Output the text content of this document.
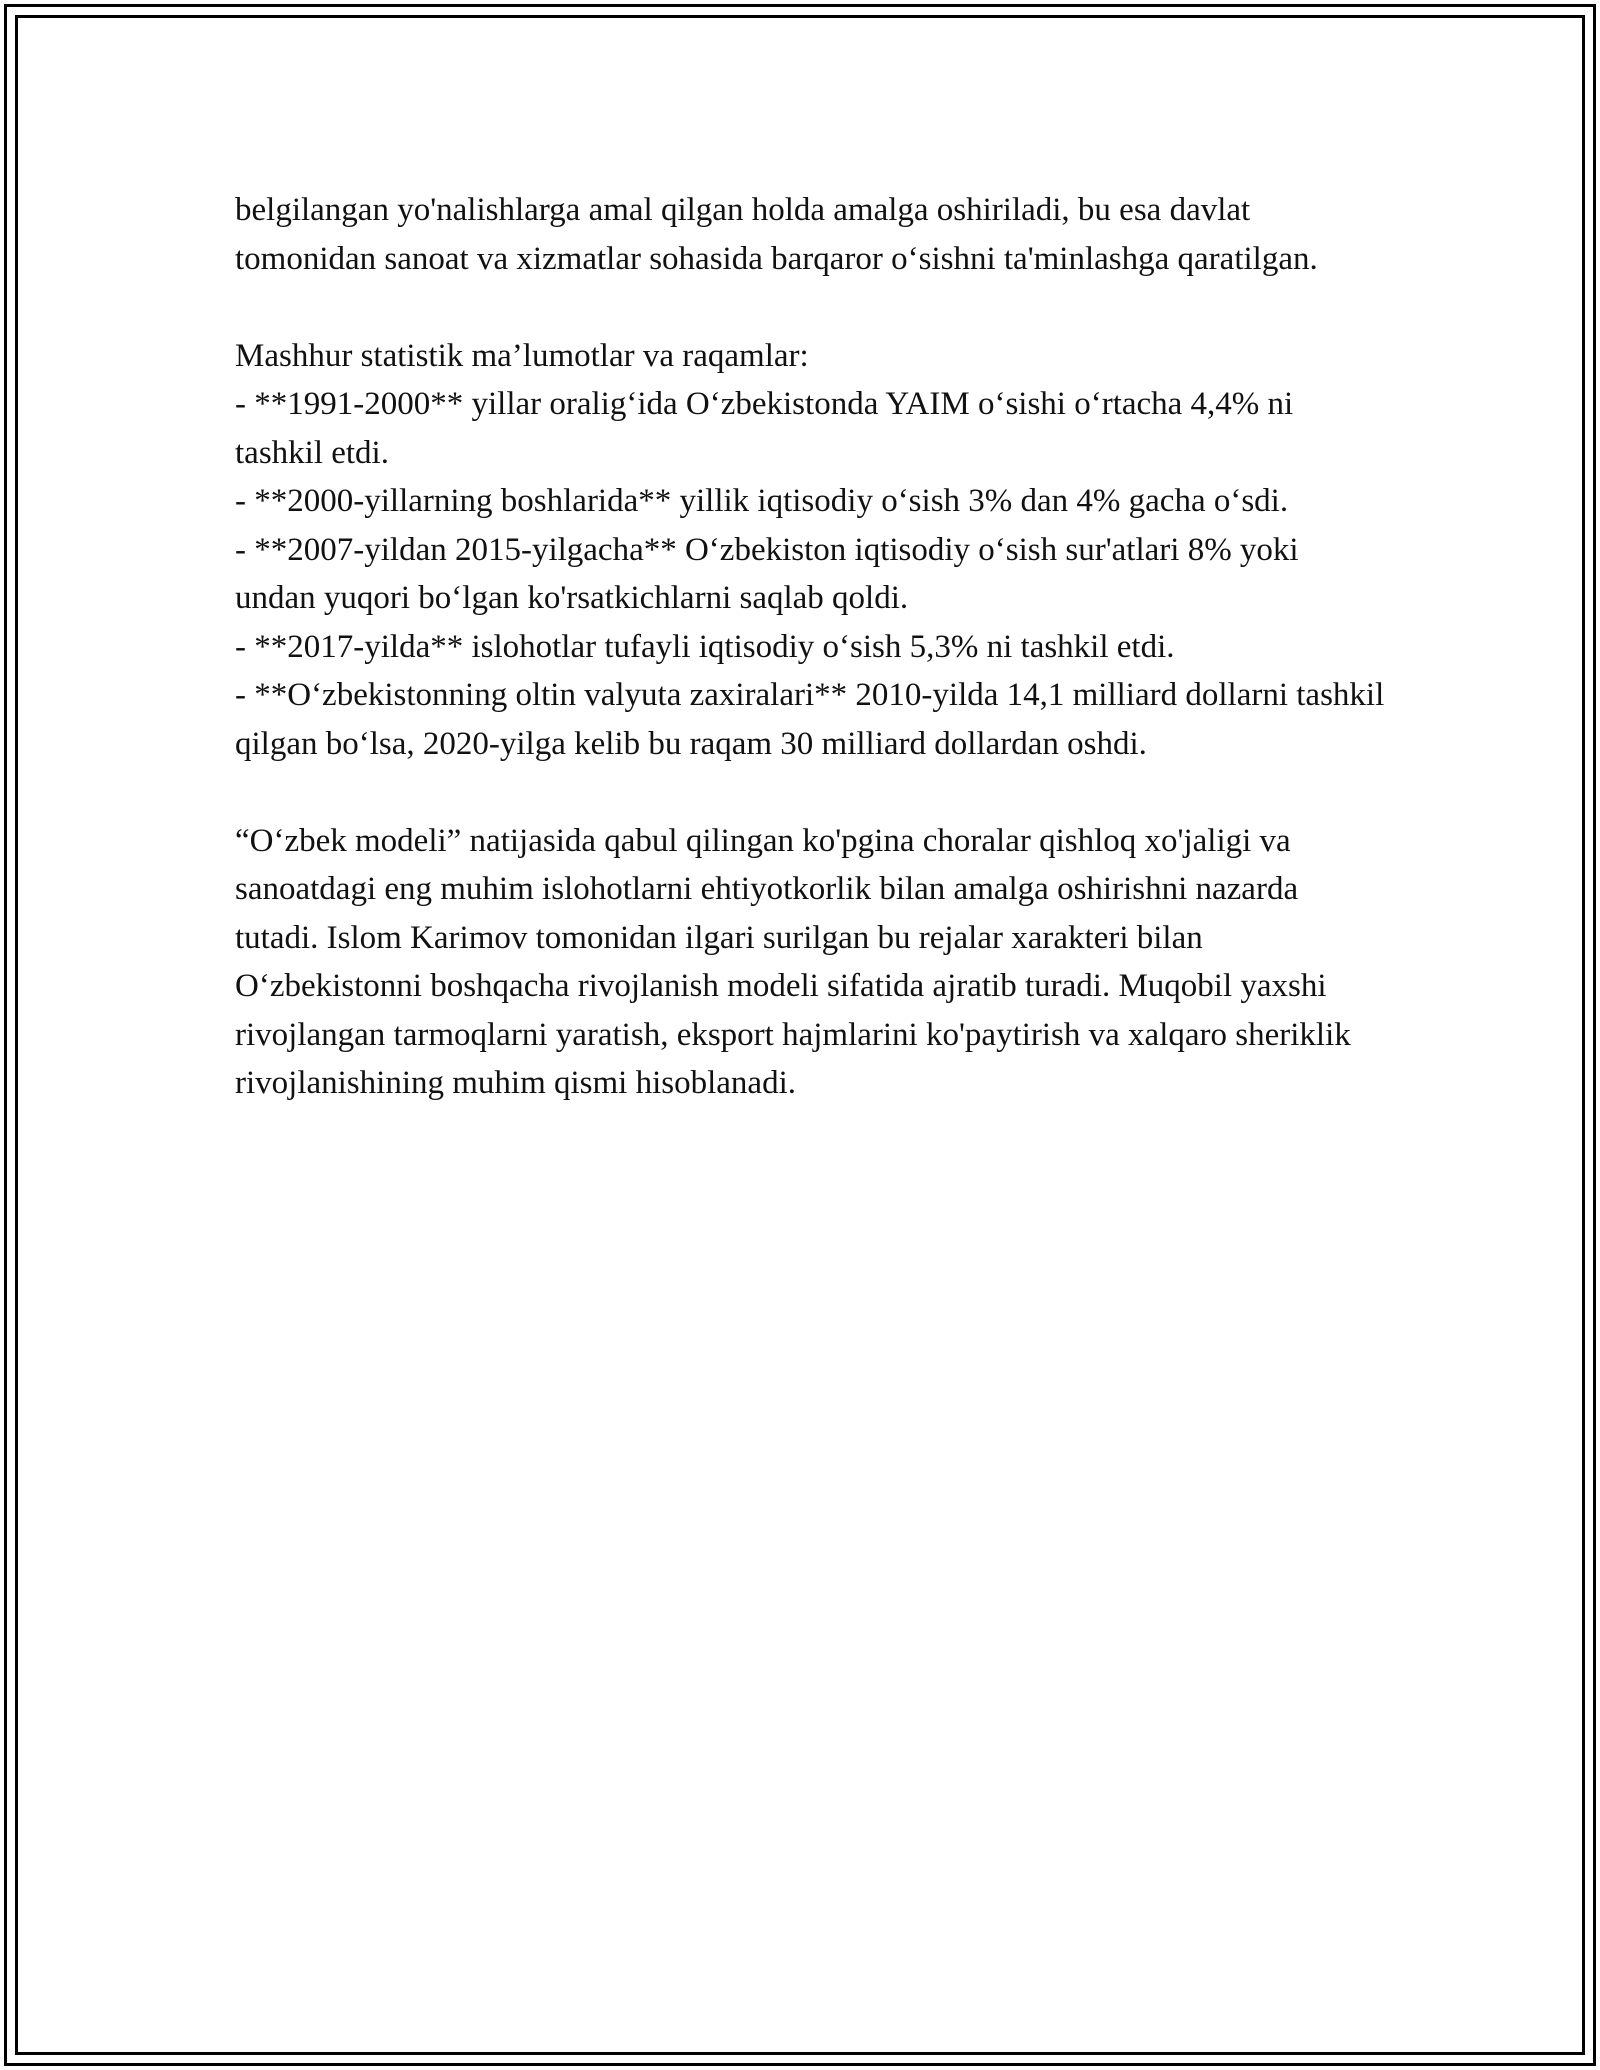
belgilangan yo'nalishlarga amal qilgan holda amalga oshiriladi, bu esa davlat tomonidan sanoat va xizmatlar sohasida barqaror o‘sishni ta'minlashga qaratilgan.

Mashhur statistik ma’lumotlar va raqamlar:

- **1991-2000** yillar oralig‘ida O‘zbekistonda YAIM o‘sishi o‘rtacha 4,4% ni tashkil etdi.

- **2000-yillarning boshlarida** yillik iqtisodiy o‘sish 3% dan 4% gacha o‘sdi.

- **2007-yildan 2015-yilgacha** O‘zbekiston iqtisodiy o‘sish sur'atlari 8% yoki undan yuqori bo‘lgan ko'rsatkichlarni saqlab qoldi.

- **2017-yilda** islohotlar tufayli iqtisodiy o‘sish 5,3% ni tashkil etdi.

- **O‘zbekistonning oltin valyuta zaxiralari** 2010-yilda 14,1 milliard dollarni tashkil qilgan bo‘lsa, 2020-yilga kelib bu raqam 30 milliard dollardan oshdi.

“O‘zbek modeli” natijasida qabul qilingan ko'pgina choralar qishloq xo'jaligi va sanoatdagi eng muhim islohotlarni ehtiyotkorlik bilan amalga oshirishni nazarda tutadi. Islom Karimov tomonidan ilgari surilgan bu rejalar xarakteri bilan O‘zbekistonni boshqacha rivojlanish modeli sifatida ajratib turadi. Muqobil yaxshi rivojlangan tarmoqlarni yaratish, eksport hajmlarini ko'paytirish va xalqaro sheriklik rivojlanishining muhim qismi hisoblanadi.
